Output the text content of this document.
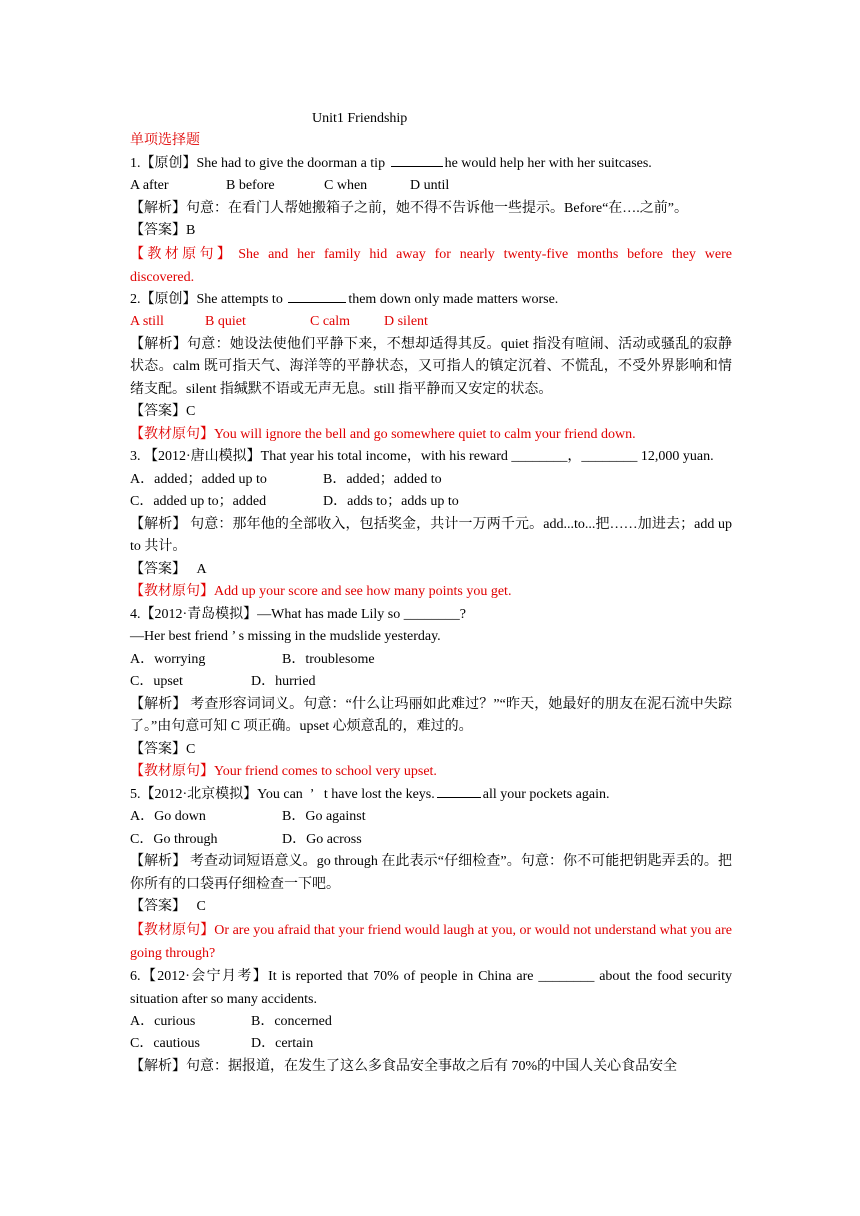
Unit1 Friendship
单项选择题
1.【原创】She had to give the doorman a tip	he would help her with her suitcases.
A after	B before	C when	D until
【解析】句意：在看门人帮她搬箱子之前，她不得不告诉他一些提示。Before“在….之前”。
【答案】B
【教材原句】 She and her family hid away for nearly twenty-five months before they were discovered.
2.【原创】She attempts to	them down only made matters worse.
A still	B quiet	C calm D silent
【解析】句意：她设法使他们平静下来，不想却适得其反。quiet 指没有喧闹、活动或骚乱的寂静状态。calm 既可指天气、海洋等的平静状态，又可指人的镇定沉着、不慌乱，不受外界影响和情绪支配。silent 指缄默不语或无声无息。still 指平静而又安定的状态。
【答案】C
【教材原句】You will ignore the bell and go somewhere quiet to calm your friend down.
3. 【2012·唐山模拟】That year his total income，with his reward ________，________ 12,000 yuan.
A．added；added up to	B．added；added to
C．added up to；added	D．adds to；adds up to
【解析】 句意：那年他的全部收入，包括奖金，共计一万两千元。add...to...把……加进去；add up to 共计。
【答案】   A
【教材原句】Add up your score and see how many points you get.
4.【2012·青岛模拟】—What has made Lily so ________?
—Her best friend ’ s missing in the mudslide yesterday.
A．worrying	B．troublesome
C．upset	D．hurried
【解析】 考查形容词词义。句意：“什么让玛丽如此难过？”“昨天，她最好的朋友在泥石流中失踪了。”由句意可知 C 项正确。upset 心烦意乱的，难过的。
【答案】C
【教材原句】Your friend comes to school very upset.
5.【2012·北京模拟】You can  ’   t have lost the keys.	all your pockets again.
A．Go down	B．Go against
C．Go through	D．Go across
【解析】 考查动词短语意义。go through 在此表示“仔细检查”。句意：你不可能把钥匙弄丢的。把你所有的口袋再仔细检查一下吧。
【答案】   C
【教材原句】Or are you afraid that your friend would laugh at you, or would not understand what you are going through?
6.【2012·会宁月考】It is reported that 70% of people in China are ________ about the food security situation after so many accidents.
A．curious	B．concerned
C．cautious	D．certain
【解析】句意：据报道，在发生了这么多食品安全事故之后有 70%的中国人关心食品安全
